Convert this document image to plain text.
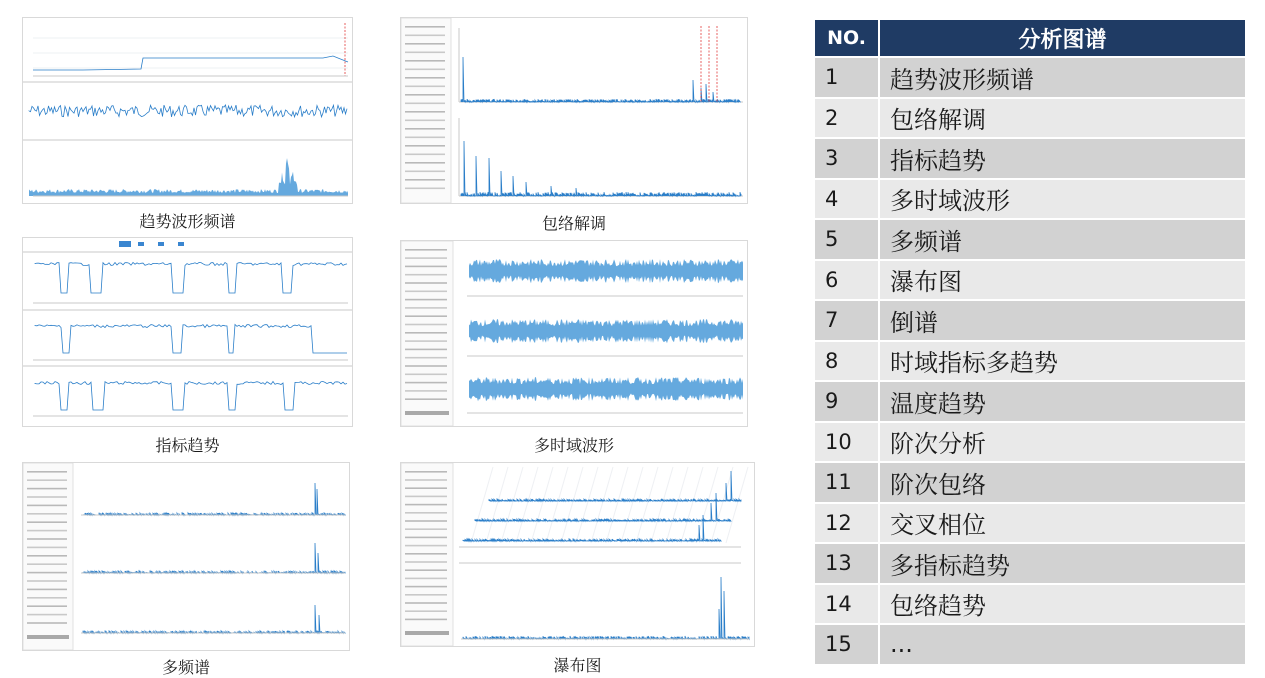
趋势波形频谱	包络解调
指标趋势	多时域波形
多频谱	瀑布图
NO.	分析图谱
1	趋势波形频谱
2	包络解调
3	指标趋势
4	多时域波形
5	多频谱
6	瀑布图
7	倒谱
8	时域指标多趋势
9	温度趋势
10	阶次分析
11	阶次包络
12	交叉相位
13	多指标趋势
14	包络趋势
15	...
